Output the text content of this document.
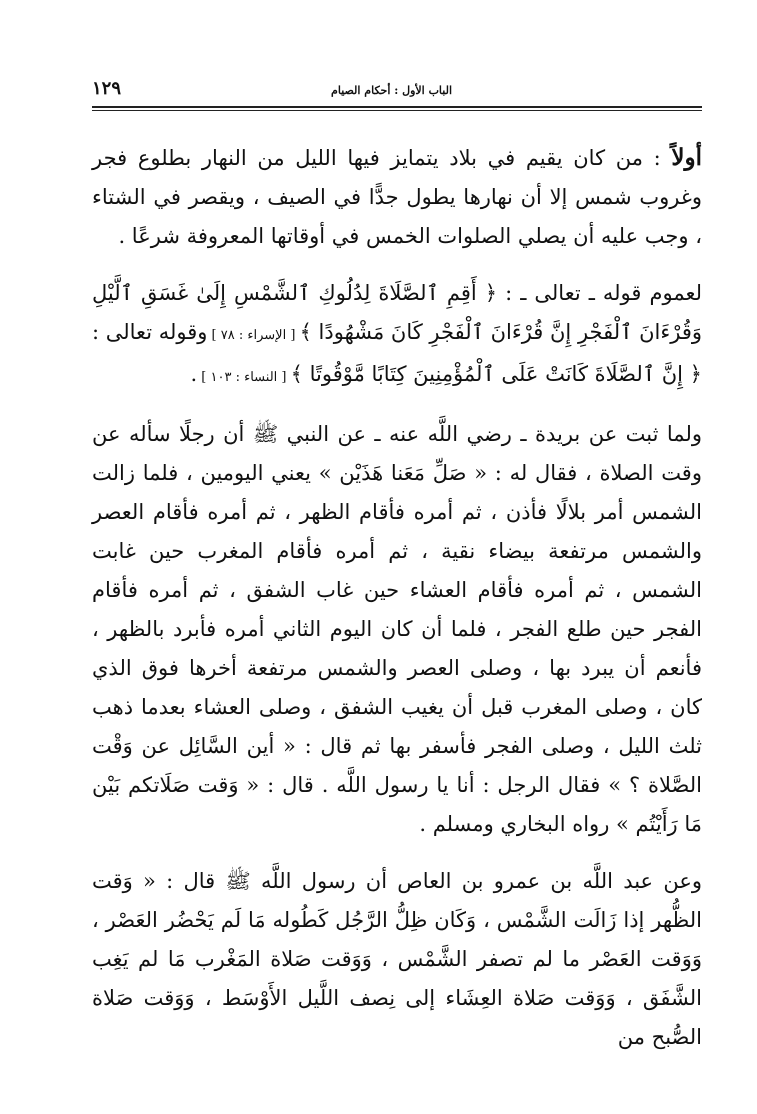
الباب الأول : أحكام الصيام
١٢٩

أولاً : من كان يقيم في بلاد يتمايز فيها الليل من النهار بطلوع فجر وغروب شمس إلا أن نهارها يطول جدًّا في الصيف ، ويقصر في الشتاء ، وجب عليه أن يصلي الصلوات الخمس في أوقاتها المعروفة شرعًا .

لعموم قوله ـ تعالى ـ : ﴿ أَقِمِ ٱلصَّلَاةَ لِدُلُوكِ ٱلشَّمْسِ إِلَىٰ غَسَقِ ٱلَّيْلِ وَقُرْءَانَ ٱلْفَجْرِ إِنَّ قُرْءَانَ ٱلْفَجْرِ كَانَ مَشْهُودًا ﴾ [ الإسراء : ٧٨ ] وقوله تعالى : ﴿ إِنَّ ٱلصَّلَاةَ كَانَتْ عَلَى ٱلْمُؤْمِنِينَ كِتَابًا مَّوْقُوتًا ﴾ [ النساء : ١٠٣ ] .

ولما ثبت عن بريدة ـ رضي اللَّه عنه ـ عن النبي ﷺ أن رجلًا سأله عن وقت الصلاة ، فقال له : « صَلِّ مَعَنا هَذَيْن » يعني اليومين ، فلما زالت الشمس أمر بلالًا فأذن ، ثم أمره فأقام الظهر ، ثم أمره فأقام العصر والشمس مرتفعة بيضاء نقية ، ثم أمره فأقام المغرب حين غابت الشمس ، ثم أمره فأقام العشاء حين غاب الشفق ، ثم أمره فأقام الفجر حين طلع الفجر ، فلما أن كان اليوم الثاني أمره فأبرد بالظهر ، فأنعم أن يبرد بها ، وصلى العصر والشمس مرتفعة أخرها فوق الذي كان ، وصلى المغرب قبل أن يغيب الشفق ، وصلى العشاء بعدما ذهب ثلث الليل ، وصلى الفجر فأسفر بها ثم قال : « أين السَّائِل عن وَقْت الصَّلاة ؟ » فقال الرجل : أنا يا رسول اللَّه . قال : « وَقت صَلَاتكم بَيْن مَا رَأَيْتُم » رواه البخاري ومسلم .

وعن عبد اللَّه بن عمرو بن العاص أن رسول اللَّه ﷺ قال : « وَقت الظُّهر إذا زَالَت الشَّمْس ، وَكَان ظِلُّ الرَّجُل كَطُوله مَا لَم يَحْضُر العَصْر ، وَوَقت العَصْر ما لم تصفر الشَّمْس ، وَوَقت صَلاة المَغْرب مَا لم يَغِب الشَّفَق ، وَوَقت صَلاة العِشَاء إلى نِصف اللَّيل الأَوْسَط ، وَوَقت صَلاة الصُّبح من
